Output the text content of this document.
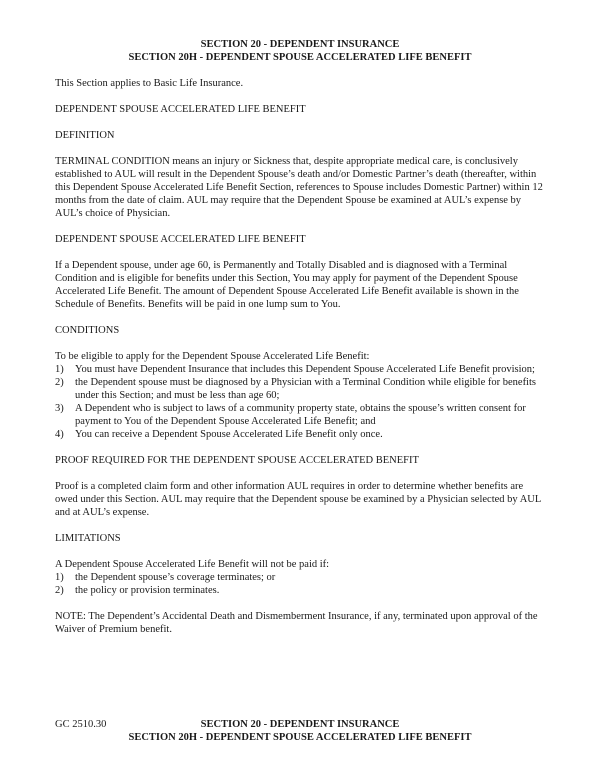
SECTION 20 - DEPENDENT INSURANCE
SECTION 20H - DEPENDENT SPOUSE ACCELERATED LIFE BENEFIT

This Section applies to Basic Life Insurance.

DEPENDENT SPOUSE ACCELERATED LIFE BENEFIT

DEFINITION

TERMINAL CONDITION means an injury or Sickness that, despite appropriate medical care, is conclusively established to AUL will result in the Dependent Spouse’s death and/or Domestic Partner’s death (thereafter, within this Dependent Spouse Accelerated Life Benefit Section, references to Spouse includes Domestic Partner) within 12 months from the date of claim. AUL may require that the Dependent Spouse be examined at AUL’s expense by AUL’s choice of Physician.

DEPENDENT SPOUSE ACCELERATED LIFE BENEFIT

If a Dependent spouse, under age 60, is Permanently and Totally Disabled and is diagnosed with a Terminal Condition and is eligible for benefits under this Section, You may apply for payment of the Dependent Spouse Accelerated Life Benefit. The amount of Dependent Spouse Accelerated Life Benefit available is shown in the Schedule of Benefits. Benefits will be paid in one lump sum to You.

CONDITIONS

To be eligible to apply for the Dependent Spouse Accelerated Life Benefit:

1)	You must have Dependent Insurance that includes this Dependent Spouse Accelerated Life Benefit provision;
2)	the Dependent spouse must be diagnosed by a Physician with a Terminal Condition while eligible for benefits under this Section; and must be less than age 60;
3)	A Dependent who is subject to laws of a community property state, obtains the spouse’s written consent for payment to You of the Dependent Spouse Accelerated Life Benefit; and
4)	You can receive a Dependent Spouse Accelerated Life Benefit only once.

PROOF REQUIRED FOR THE DEPENDENT SPOUSE ACCELERATED BENEFIT

Proof is a completed claim form and other information AUL requires in order to determine whether benefits are owed under this Section. AUL may require that the Dependent spouse be examined by a Physician selected by AUL and at AUL’s expense.

LIMITATIONS

A Dependent Spouse Accelerated Life Benefit will not be paid if:

1)	the Dependent spouse’s coverage terminates; or
2)	the policy or provision terminates.

NOTE: The Dependent’s Accidental Death and Dismemberment Insurance, if any, terminated upon approval of the Waiver of Premium benefit.

GC 2510.30	SECTION 20 - DEPENDENT INSURANCE
SECTION 20H - DEPENDENT SPOUSE ACCELERATED LIFE BENEFIT
